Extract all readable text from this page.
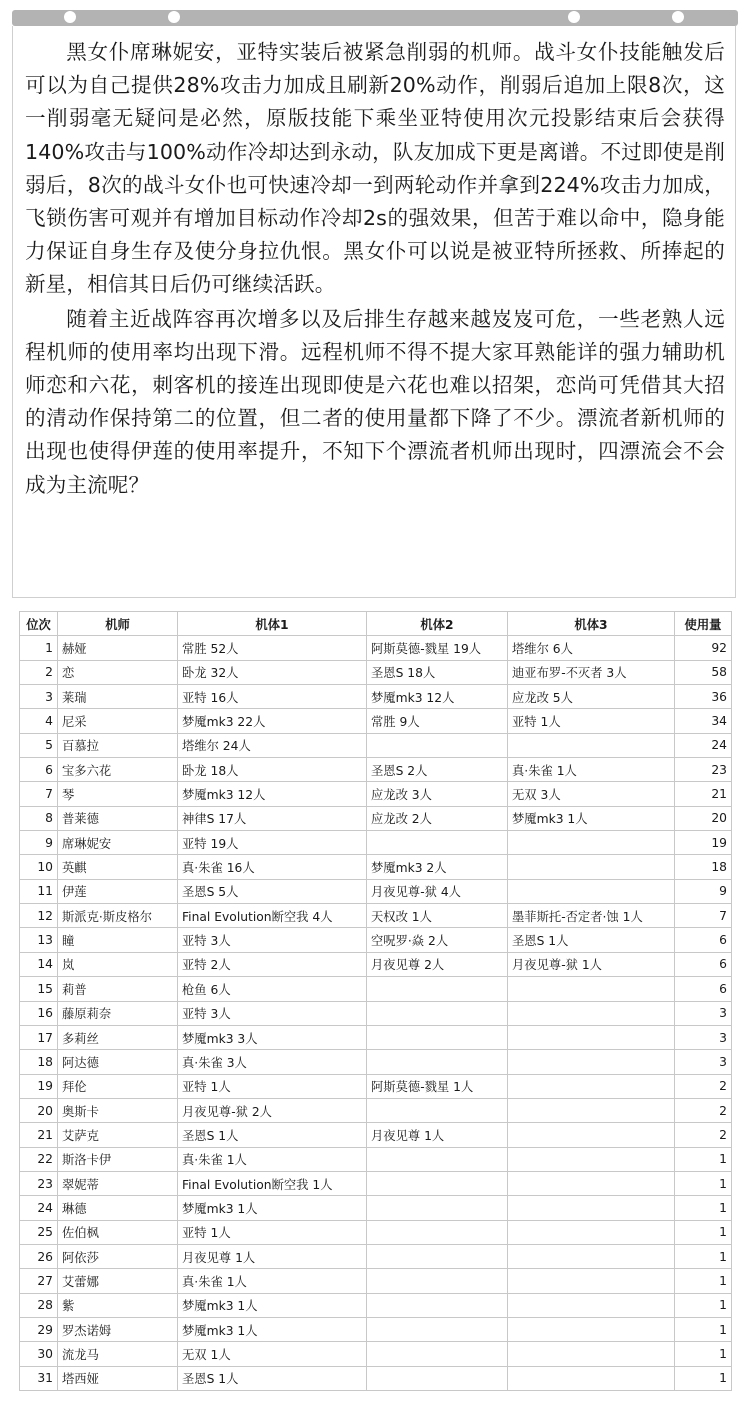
黑女仆席琳妮安，亚特实装后被紧急削弱的机师。战斗女仆技能触发后可以为自己提供28%攻击力加成且刷新20%动作，削弱后追加上限8次，这一削弱毫无疑问是必然，原版技能下乘坐亚特使用次元投影结束后会获得140%攻击与100%动作冷却达到永动，队友加成下更是离谱。不过即使是削弱后，8次的战斗女仆也可快速冷却一到两轮动作并拿到224%攻击力加成，飞锁伤害可观并有增加目标动作冷却2s的强效果，但苦于难以命中，隐身能力保证自身生存及使分身拉仇恨。黑女仆可以说是被亚特所拯救、所捧起的新星，相信其日后仍可继续活跃。

随着主近战阵容再次增多以及后排生存越来越岌岌可危，一些老熟人远程机师的使用率均出现下滑。远程机师不得不提大家耳熟能详的强力辅助机师恋和六花，刺客机的接连出现即使是六花也难以招架，恋尚可凭借其大招的清动作保持第二的位置，但二者的使用量都下降了不少。漂流者新机师的出现也使得伊莲的使用率提升，不知下个漂流者机师出现时，四漂流会不会成为主流呢？

位次	机师	机体1	机体2	机体3	使用量
1	赫娅	常胜 52人	阿斯莫德-戮星 19人	塔维尔 6人	92
2	恋	卧龙 32人	圣恩S 18人	迪亚布罗-不灭者 3人	58
3	莱瑞	亚特 16人	梦魇mk3 12人	应龙改 5人	36
4	尼采	梦魇mk3 22人	常胜 9人	亚特 1人	34
5	百慕拉	塔维尔 24人			24
6	宝多六花	卧龙 18人	圣恩S 2人	真·朱雀 1人	23
7	琴	梦魇mk3 12人	应龙改 3人	无双 3人	21
8	普莱德	神律S 17人	应龙改 2人	梦魇mk3 1人	20
9	席琳妮安	亚特 19人			19
10	英麒	真·朱雀 16人	梦魇mk3 2人		18
11	伊莲	圣恩S 5人	月夜见尊-狱 4人		9
12	斯派克·斯皮格尔	Final Evolution断空我 4人	天权改 1人	墨菲斯托-否定者·蚀 1人	7
13	瞳	亚特 3人	空呪罗·焱 2人	圣恩S 1人	6
14	岚	亚特 2人	月夜见尊 2人	月夜见尊-狱 1人	6
15	莉普	枪鱼 6人			6
16	藤原莉奈	亚特 3人			3
17	多莉丝	梦魇mk3 3人			3
18	阿达德	真·朱雀 3人			3
19	拜伦	亚特 1人	阿斯莫德-戮星 1人		2
20	奥斯卡	月夜见尊-狱 2人			2
21	艾萨克	圣恩S 1人	月夜见尊 1人		2
22	斯洛卡伊	真·朱雀 1人			1
23	翠妮蒂	Final Evolution断空我 1人			1
24	琳德	梦魇mk3 1人			1
25	佐伯枫	亚特 1人			1
26	阿依莎	月夜见尊 1人			1
27	艾蕾娜	真·朱雀 1人			1
28	紫	梦魇mk3 1人			1
29	罗杰诺姆	梦魇mk3 1人			1
30	流龙马	无双 1人			1
31	塔西娅	圣恩S 1人			1
